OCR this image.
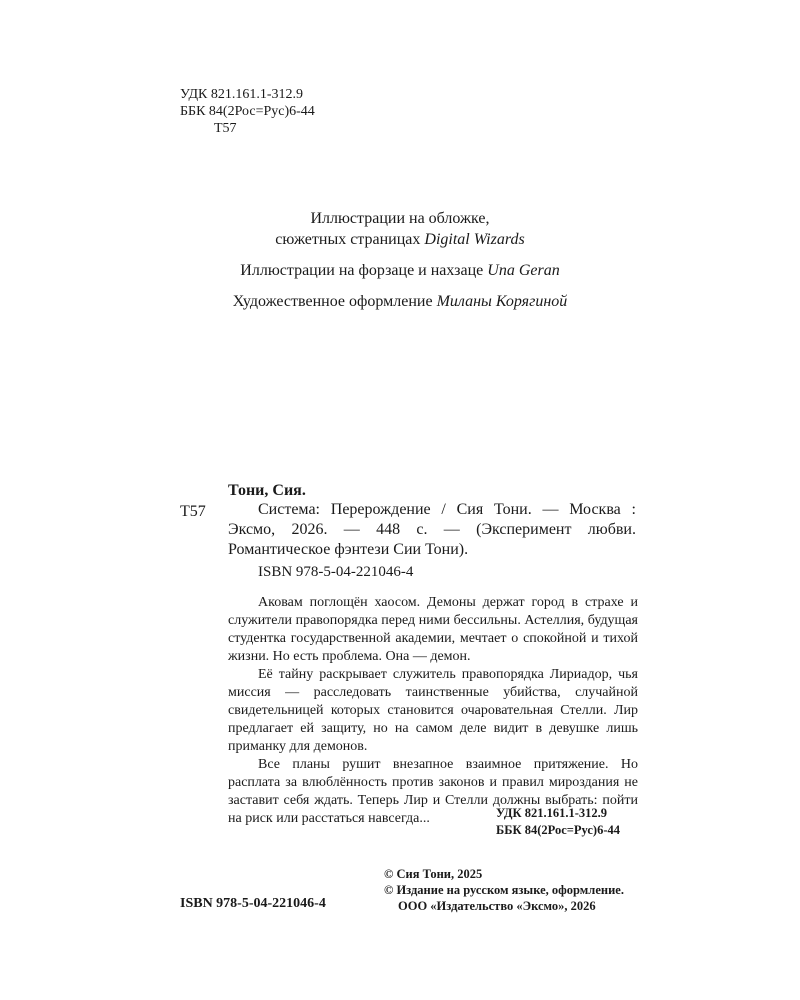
УДК 821.161.1-312.9
ББК 84(2Рос=Рус)6-44
Т57
Иллюстрации на обложке,
сюжетных страницах Digital Wizards
Иллюстрации на форзаце и нахзаце Una Geran
Художественное оформление Миланы Корягиной
Тони, Сия.
Т57	Система: Перерождение / Сия Тони. — Москва : Эксмо, 2026. — 448 с. — (Эксперимент любви. Романтическое фэнтези Сии Тони).
ISBN 978-5-04-221046-4

Аковам поглощён хаосом. Демоны держат город в страхе и служители правопорядка перед ними бессильны. Астеллия, будущая студентка государственной академии, мечтает о спокойной и тихой жизни. Но есть проблема. Она — демон.

Её тайну раскрывает служитель правопорядка Лириадор, чья миссия — расследовать таинственные убийства, случайной свидетельницей которых становится очаровательная Стелли. Лир предлагает ей защиту, но на самом деле видит в девушке лишь приманку для демонов.

Все планы рушит внезапное взаимное притяжение. Но расплата за влюблённость против законов и правил мироздания не заставит себя ждать. Теперь Лир и Стелли должны выбрать: пойти на риск или расстаться навсегда...	УДК 821.161.1-312.9
ББК 84(2Рос=Рус)6-44
© Сия Тони, 2025
© Издание на русском языке, оформление.
ООО «Издательство «Эксмо», 2026
ISBN 978-5-04-221046-4
